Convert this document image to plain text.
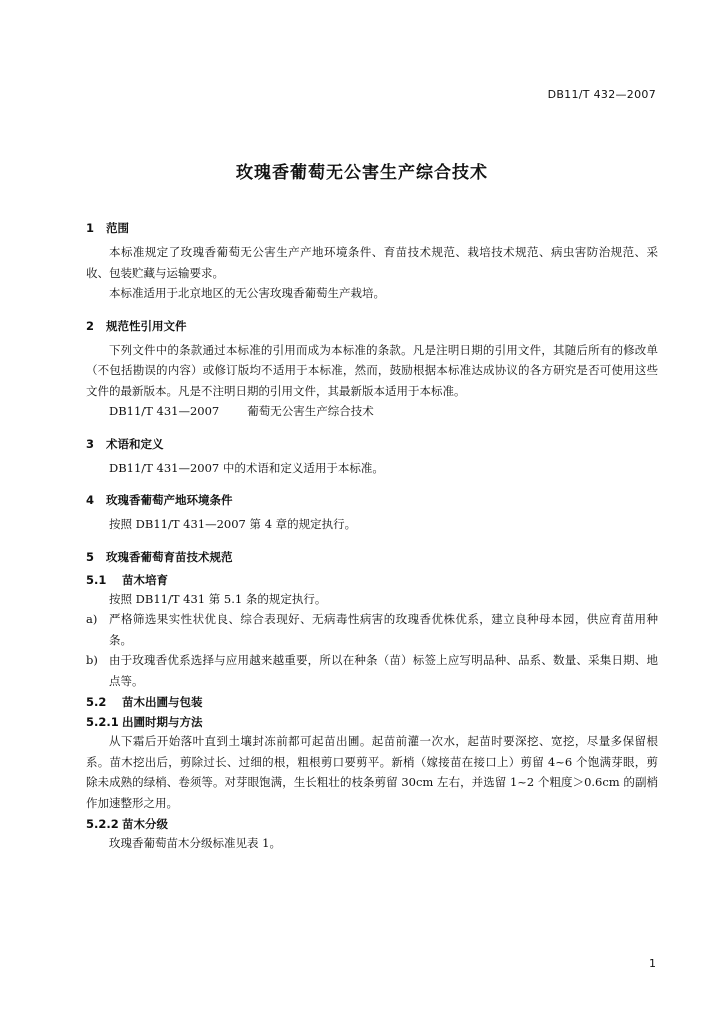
DB11/T 432—2007
玫瑰香葡萄无公害生产综合技术
1 范围

本标准规定了玫瑰香葡萄无公害生产产地环境条件、育苗技术规范、栽培技术规范、病虫害防治规范、采收、包装贮藏与运输要求。

本标准适用于北京地区的无公害玫瑰香葡萄生产栽培。

2 规范性引用文件

下列文件中的条款通过本标准的引用而成为本标准的条款。凡是注明日期的引用文件，其随后所有的修改单（不包括勘误的内容）或修订版均不适用于本标准，然而，鼓励根据本标准达成协议的各方研究是否可使用这些文件的最新版本。凡是不注明日期的引用文件，其最新版本适用于本标准。

DB11/T 431—2007 葡萄无公害生产综合技术
3 术语和定义

DB11/T 431—2007 中的术语和定义适用于本标准。

4 玫瑰香葡萄产地环境条件

按照 DB11/T 431—2007 第 4 章的规定执行。

5 玫瑰香葡萄育苗技术规范
5.1 苗木培育

按照 DB11/T 431 第 5.1 条的规定执行。

a)	严格筛选果实性状优良、综合表现好、无病毒性病害的玫瑰香优株优系，建立良种母本园，供应育苗用种条。
b) 由于玫瑰香优系选择与应用越来越重要，所以在种条（苗）标签上应写明品种、品系、数量、采集日期、地点等。
5.2 苗木出圃与包装
5.2.1 出圃时期与方法

从下霜后开始落叶直到土壤封冻前都可起苗出圃。起苗前灌一次水，起苗时要深挖、宽挖，尽量多保留根系。苗木挖出后，剪除过长、过细的根，粗根剪口要剪平。新梢（嫁接苗在接口上）剪留 4~6 个饱满芽眼，剪除未成熟的绿梢、卷须等。对芽眼饱满，生长粗壮的枝条剪留 30cm 左右，并选留 1~2 个粗度＞0.6cm 的副梢作加速整形之用。

5.2.2 苗木分级

玫瑰香葡萄苗木分级标准见表 1。

1
